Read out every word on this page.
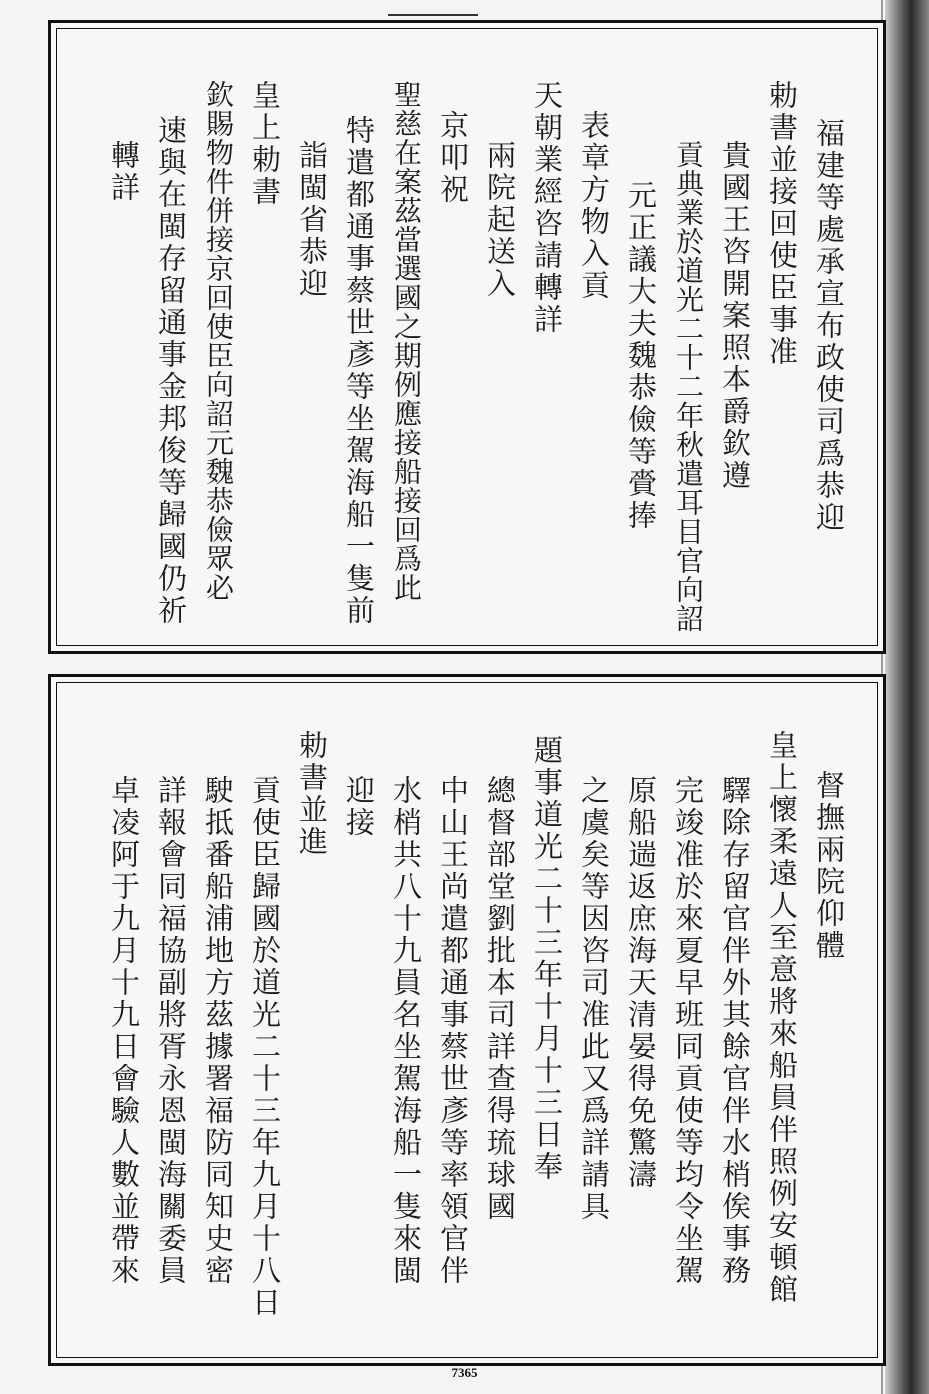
福建等處承宣布政使司爲恭迎
勅書並接回使臣事准
貴國王咨開案照本爵欽遵
貢典業於道光二十二年秋遣耳目官向詔
元正議大夫魏恭儉等賫捧
表章方物入貢
天朝業經咨請轉詳
兩院起送入
京叩祝
聖慈在案茲當選國之期例應接船接回爲此
特遣都通事蔡世彥等坐駕海船一隻前
詣閩省恭迎
皇上勅書
欽賜物件併接京回使臣向詔元魏恭儉眾必
速與在閩存留通事金邦俊等歸國仍祈
轉詳
督撫兩院仰體
皇上懷柔遠人至意將來船員伴照例安頓館
驛除存留官伴外其餘官伴水梢俟事務
完竣准於來夏早班同貢使等均令坐駕
原船遄返庶海天清晏得免驚濤
之虞矣等因咨司准此又爲詳請具
題事道光二十三年十月十三日奉
總督部堂劉批本司詳查得琉球國
中山王尚遣都通事蔡世彥等率領官伴
水梢共八十九員名坐駕海船一隻來閩
迎接
勅書並進
貢使臣歸國於道光二十三年九月十八日
駛抵番船浦地方茲據署福防同知史密
詳報會同福協副將胥永恩閩海關委員
卓凌阿于九月十九日會驗人數並帶來
7365
